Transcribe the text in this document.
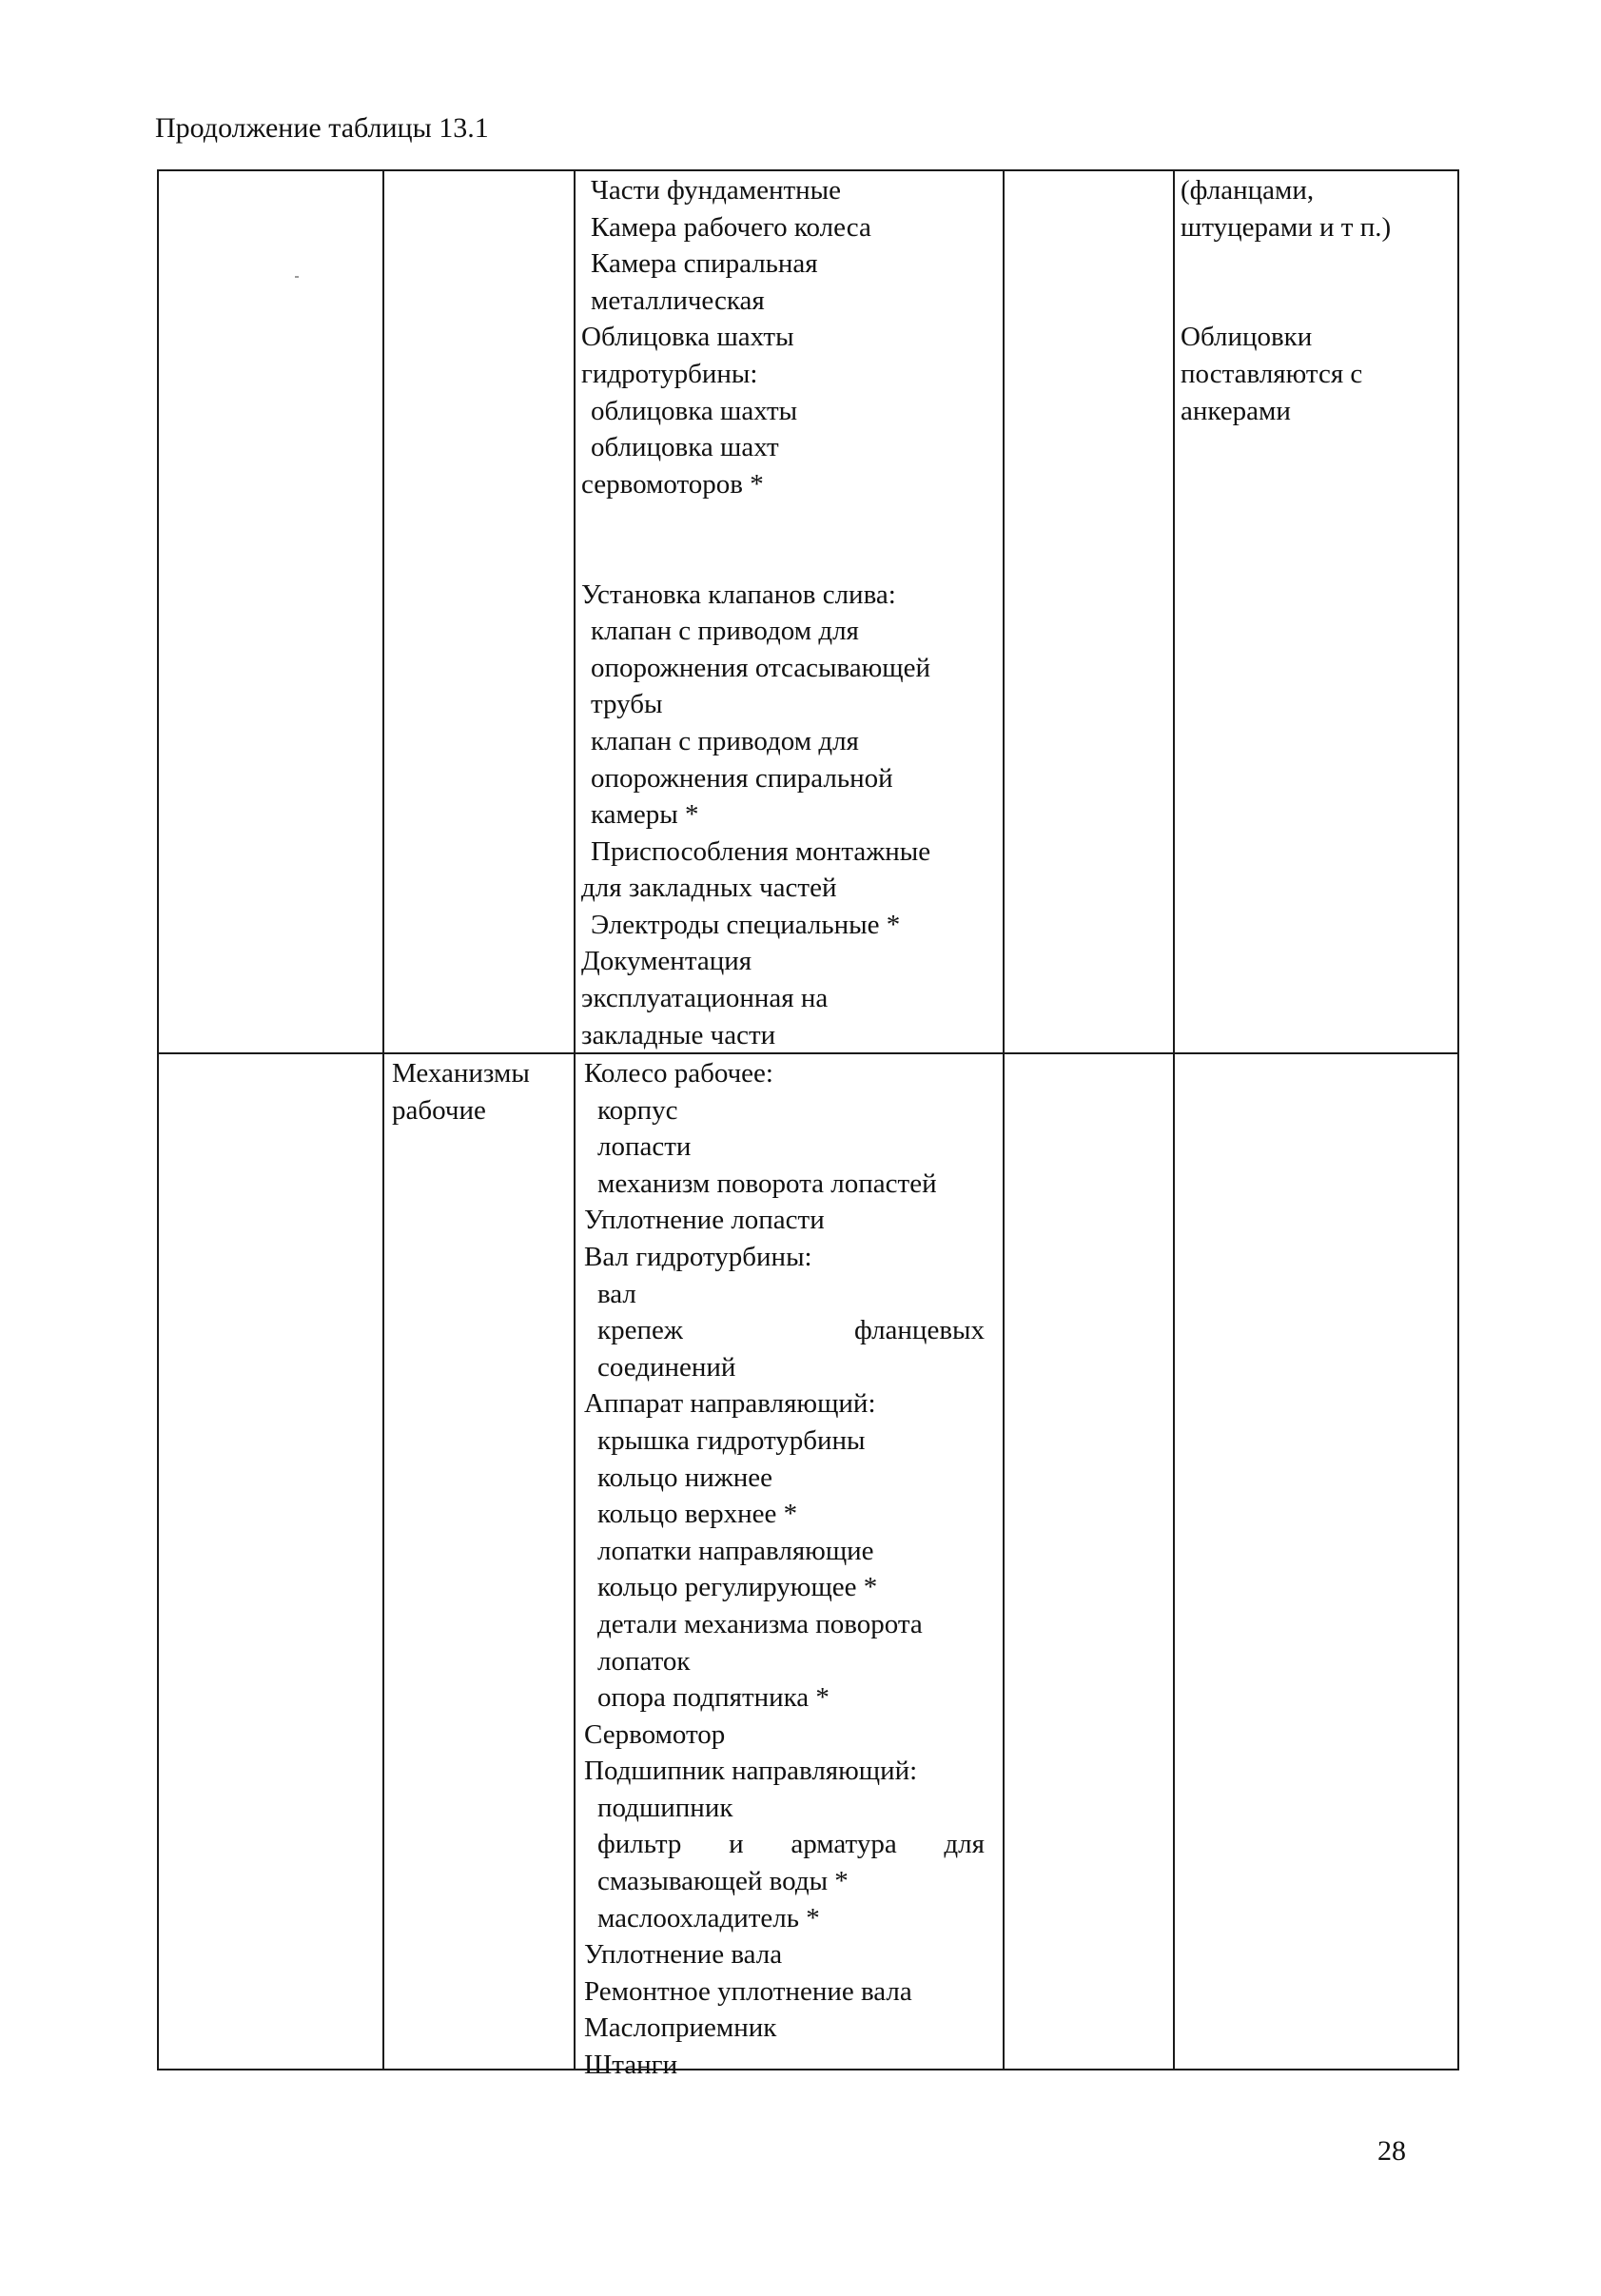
Продолжение таблицы 13.1
Части фундаментные
Камера рабочего колеса
Камера спиральная
металлическая
Облицовка шахты
гидротурбины:
облицовка шахты
облицовка шахт
сервомоторов *
Установка клапанов слива:
клапан с приводом для
опорожнения отсасывающей
трубы
клапан с приводом для
опорожнения спиральной
камеры *
Приспособления монтажные
для закладных частей
Электроды специальные *
Документация
эксплуатационная на
закладные части
(фланцами,
штуцерами и т п.)
Облицовки
поставляются с
анкерами
Механизмы
рабочие
Колесо рабочее:
корпус
лопасти
механизм поворота лопастей
Уплотнение лопасти
Вал гидротурбины:
вал
крепеж	фланцевых
соединений
Аппарат направляющий:
крышка гидротурбины
кольцо нижнее
кольцо верхнее *
лопатки направляющие
кольцо регулирующее *
детали механизма поворота
лопаток
опора подпятника *
Сервомотор
Подшипник направляющий:
подшипник
фильтр и арматура для
смазывающей воды *
маслоохладитель *
Уплотнение вала
Ремонтное уплотнение вала
Маслоприемник
Штанги
28
